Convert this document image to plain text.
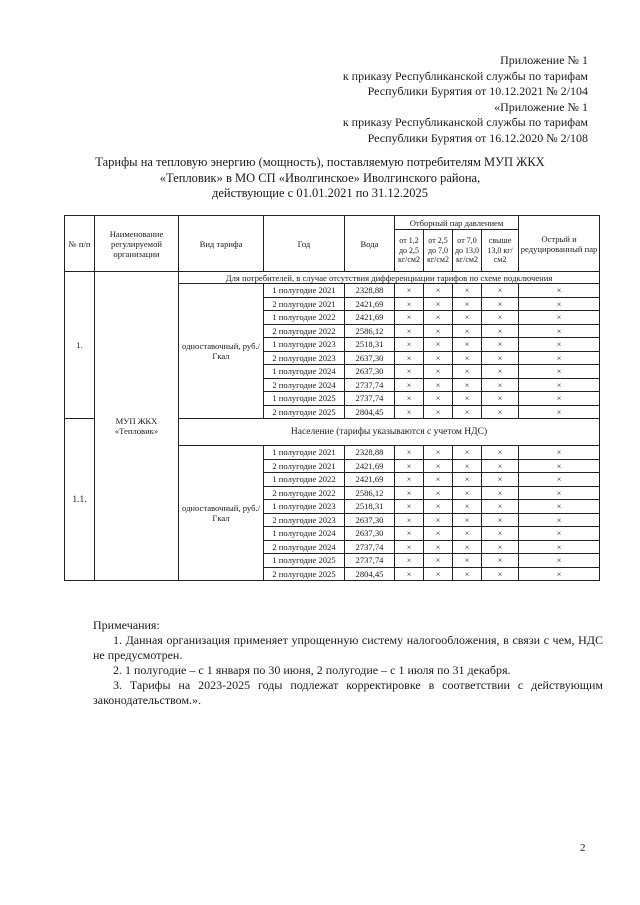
Приложение № 1
к приказу Республиканской службы по тарифам
Республики Бурятия от 10.12.2021 № 2/104
«Приложение № 1
к приказу Республиканской службы по тарифам
Республики Бурятия от 16.12.2020 № 2/108
Тарифы на тепловую энергию (мощность), поставляемую потребителям МУП ЖКХ
«Тепловик» в МО СП «Иволгинское» Иволгинского района,
действующие с 01.01.2021 по 31.12.2025
№ п/п	Наименование регулируемой организации	Вид тарифа	Год	Вода	Отборный пар давлением				Острый и редуцированный пар
					от 1,2 до 2,5 кг/см2	от 2,5 до 7,0 кг/см2	от 7,0 до 13,0 кг/см2	свыше 13,0 кг/см2	
1.	МУП ЖКХ «Тепловик»	Для потребителей, в случае отсутствия дифференциации тарифов по схеме подключения							
		одноставочный, руб./Гкал	1 полугодие 2021	2328,88	×	×	×	×	×
			2 полугодие 2021	2421,69	×	×	×	×	×
			1 полугодие 2022	2421,69	×	×	×	×	×
			2 полугодие 2022	2586,12	×	×	×	×	×
			1 полугодие 2023	2518,31	×	×	×	×	×
			2 полугодие 2023	2637,30	×	×	×	×	×
			1 полугодие 2024	2637,30	×	×	×	×	×
			2 полугодие 2024	2737,74	×	×	×	×	×
			1 полугодие 2025	2737,74	×	×	×	×	×
			2 полугодие 2025	2804,45	×	×	×	×	×
1.1.		Население (тарифы указываются с учетом НДС)							
		одноставочный, руб./Гкал	1 полугодие 2021	2328,88	×	×	×	×	×
			2 полугодие 2021	2421,69	×	×	×	×	×
			1 полугодие 2022	2421,69	×	×	×	×	×
			2 полугодие 2022	2586,12	×	×	×	×	×
			1 полугодие 2023	2518,31	×	×	×	×	×
			2 полугодие 2023	2637,30	×	×	×	×	×
			1 полугодие 2024	2637,30	×	×	×	×	×
			2 полугодие 2024	2737,74	×	×	×	×	×
			1 полугодие 2025	2737,74	×	×	×	×	×
			2 полугодие 2025	2804,45	×	×	×	×	×

Примечания:

1. Данная организация применяет упрощенную систему налогообложения, в связи с чем, НДС не предусмотрен.

2. 1 полугодие – с 1 января по 30 июня, 2 полугодие – с 1 июля по 31 декабря.

3. Тарифы на 2023-2025 годы подлежат корректировке в соответствии с действующим законодательством.».

2
